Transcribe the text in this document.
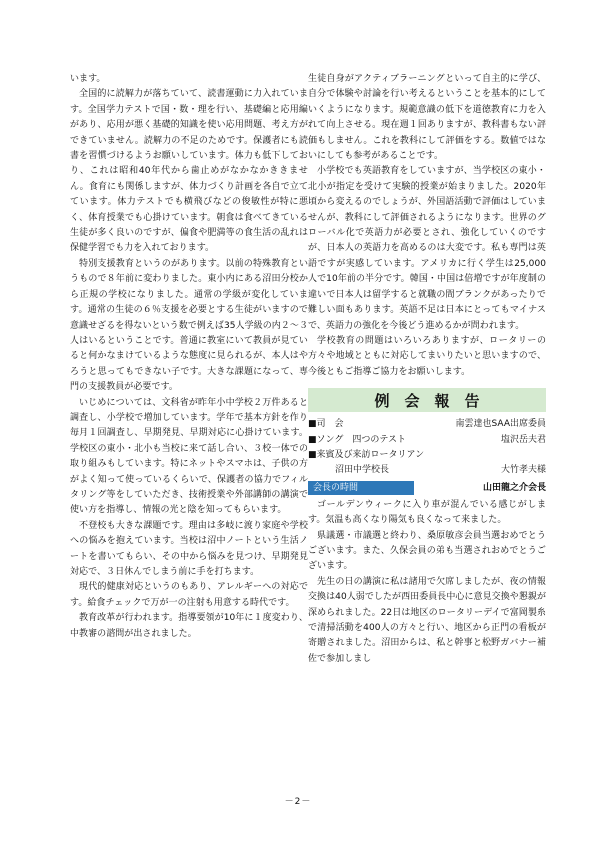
います。

全国的に読解力が落ちていて、読書運動に力入れています。全国学力テストで国・数・理を行い、基礎編と応用編があり、応用が悪く基礎的知識を使い応用問題、考え方ができていません。読解力の不足のためです。保護者にも読書を習慣づけるようお願いしています。体力も低下しており、これは昭和40年代から歯止めがなかなかききません。食育にも関係しますが、体力づくり計画を各自で立てています。体力テストでも横飛びなどの俊敏性が特に悪く、体育授業でも心掛けています。朝食は食べてきている生徒が多く良いのですが、偏食や肥満等の食生活の乱れは保健学習でも力を入れております。

特別支援教育というのがあります。以前の特殊教育というもので８年前に変わりました。東小内にある沼田分校から正規の学校になりました。通常の学級が変化しています。通常の生徒の６％支援を必要とする生徒がいますので意識せざるを得ないという数で例えば35人学級の内２～３人はいるということです。普通に教室にいて教員が見ていると何かなまけているような態度に見られるが、本人はやろうと思ってもできない子です。大きな課題になって、専門の支援教員が必要です。

いじめについては、文科省が昨年小中学校２万件あると調査し、小学校で増加しています。学年で基本方針を作り毎月１回調査し、早期発見、早期対応に心掛けています。学校区の東小・北小も当校に来て話し合い、３校一体での取り組みもしています。特にネットやスマホは、子供の方がよく知って使っているくらいで、保護者の協力でフィルタリング等をしていただき、技術授業や外部講師の講演で使い方を指導し、情報の光と陰を知ってもらいます。

不登校も大きな課題です。理由は多岐に渡り家庭や学校への悩みを抱えています。当校は沼中ノートという生活ノートを書いてもらい、その中から悩みを見つけ、早期発見対応で、３日休んでしまう前に手を打ちます。

現代的健康対応というのもあり、アレルギーへの対応です。給食チェックで万が一の注射も用意する時代です。

教育改革が行われます。指導要領が10年に１度変わり、中教審の諮問が出されました。

生徒自身がアクティブラーニングといって自主的に学び、自分で体験や討論を行い考えるということを基本的にしていくようになります。規範意識の低下を道徳教育に力を入れて向上させる。現在週１回ありますが、教科書もない評価もしません。これを教科にして評価をする。数値ではないにしても参考があることです。

小学校でも英語教育をしていますが、当学校区の東小・北小が指定を受けて実験的授業が始まりました。2020年頃から変えるのでしょうが、外国語活動で評価はしていませんが、教科にして評価されるようになります。世界のグローバル化で英語力が必要とされ、強化していくのですが、日本人の英語力を高めるのは大変です。私も専門は英語ですが実感しています。アメリカに行く学生は25,000人で10年前の半分です。韓国・中国は倍増ですが年度制の違いで日本人は留学すると就職の間ブランクがあったりで難しい面もあります。英語不足は日本にとってもマイナスで、英語力の強化を今後どう進めるかが問われます。

学校教育の問題はいろいろありますが、ロータリーの方々や地域とともに対応してまいりたいと思いますので、今後ともご指導ご協力をお願いします。

例会報告
■司　会	南雲達也SAA出席委員
■ソング　四つのテスト	塩沢岳夫君
■来賓及び来訪ロータリアン
沼田中学校長	大竹孝夫様
会長の時間	山田龍之介会長

ゴールデンウィークに入り車が混んでいる感じがします。気温も高くなり陽気も良くなって来ました。

県議選・市議選と終わり、桑原敏彦会員当選おめでとうございます。また、久保会員の弟も当選されおめでとうございます。

先生の日の講演に私は諸用で欠席しましたが、夜の情報交換は40人弱でしたが西田委員長中心に意見交換や懇親が深められました。22日は地区のロータリーデイで富岡製糸で清掃活動を400人の方々と行い、地区から正門の看板が寄贈されました。沼田からは、私と幹事と松野ガバナー補佐で参加しまし

－2－
